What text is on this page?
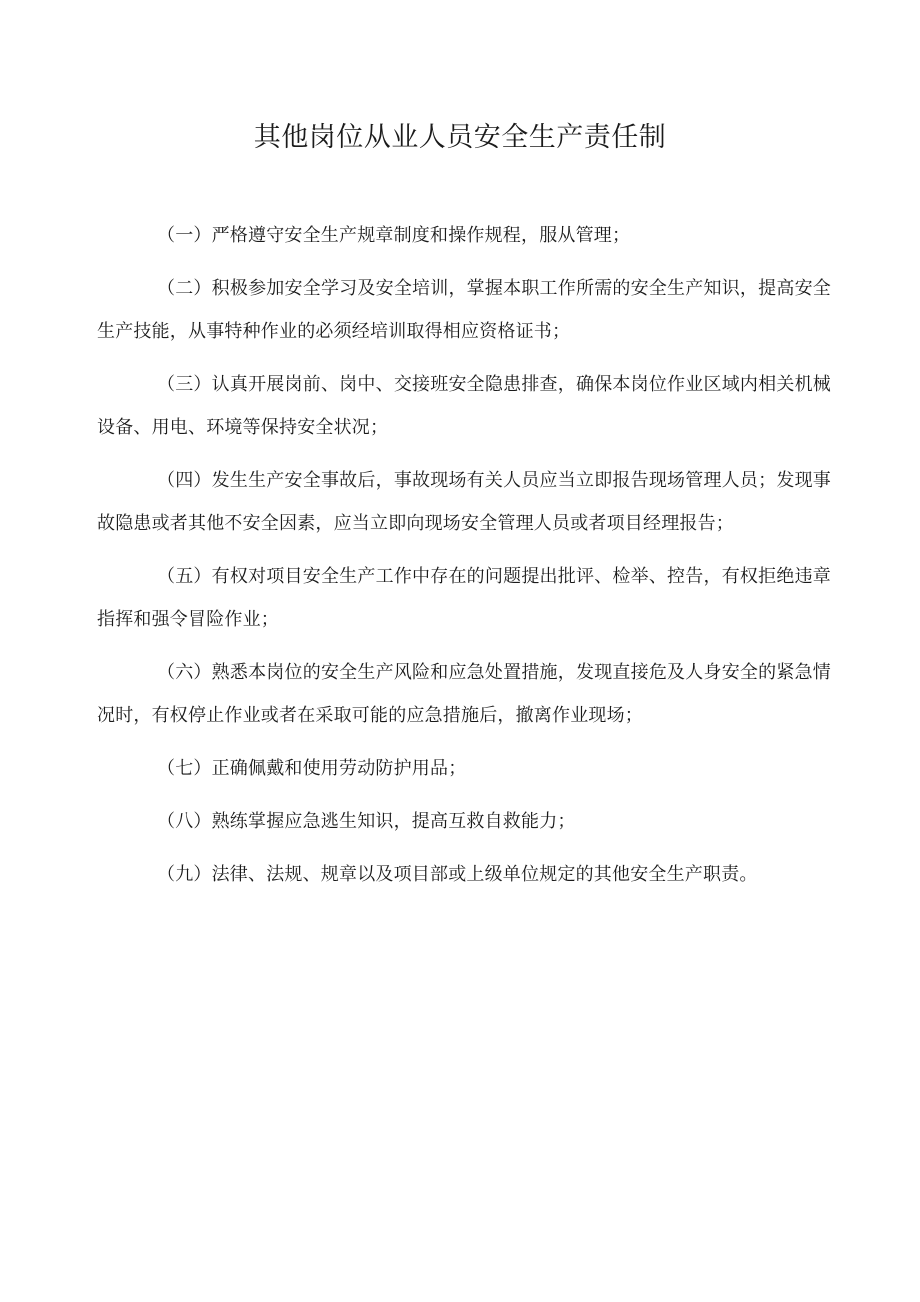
其他岗位从业人员安全生产责任制
（一）严格遵守安全生产规章制度和操作规程，服从管理；
（二）积极参加安全学习及安全培训，掌握本职工作所需的安全生产知识，提高安全生产技能，从事特种作业的必须经培训取得相应资格证书；
（三）认真开展岗前、岗中、交接班安全隐患排查，确保本岗位作业区域内相关机械设备、用电、环境等保持安全状况；
（四）发生生产安全事故后，事故现场有关人员应当立即报告现场管理人员；发现事故隐患或者其他不安全因素，应当立即向现场安全管理人员或者项目经理报告；
（五）有权对项目安全生产工作中存在的问题提出批评、检举、控告，有权拒绝违章指挥和强令冒险作业；
（六）熟悉本岗位的安全生产风险和应急处置措施，发现直接危及人身安全的紧急情况时，有权停止作业或者在采取可能的应急措施后，撤离作业现场；
（七）正确佩戴和使用劳动防护用品；
（八）熟练掌握应急逃生知识，提高互救自救能力；
（九）法律、法规、规章以及项目部或上级单位规定的其他安全生产职责。
